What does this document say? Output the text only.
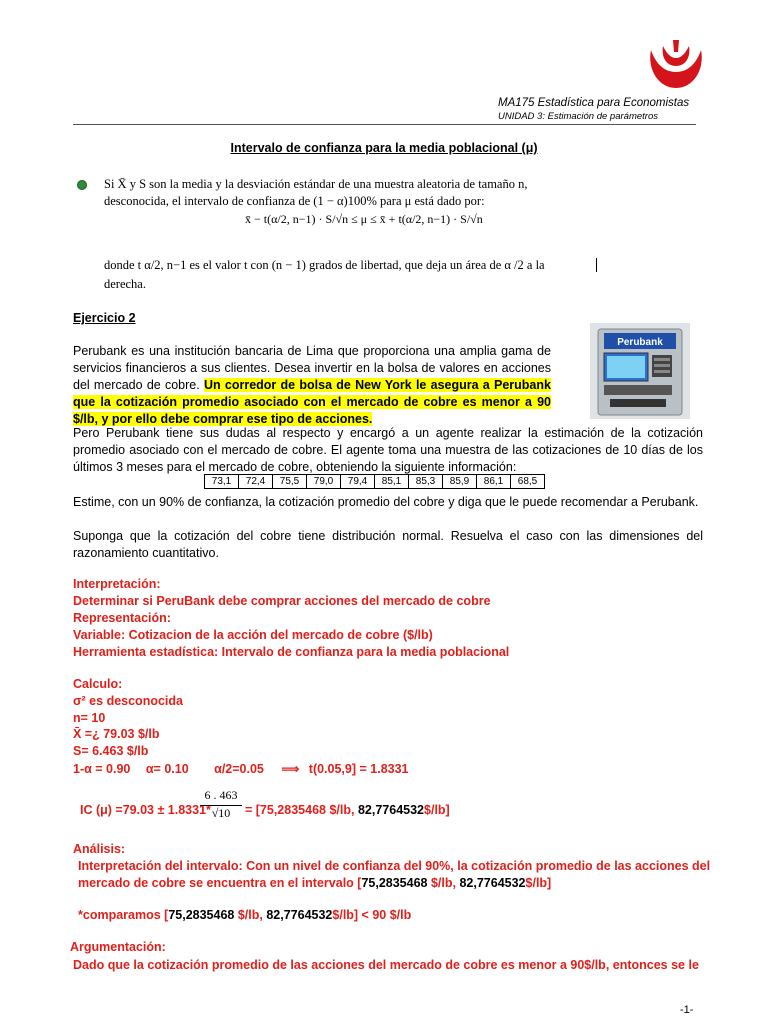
MA175 Estadística para Economistas
UNIDAD 3: Estimación de parámetros
Intervalo de confianza para la media poblacional (μ)
Si X̄ y S son la media y la desviación estándar de una muestra aleatoria de tamaño n,
desconocida, el intervalo de confianza de (1 − α)100% para μ está dado por:
x̄ − t(α/2, n−1) · S/√n ≤ μ ≤ x̄ + t(α/2, n−1) · S/√n
donde t α/2, n−1 es el valor t con (n − 1) grados de libertad, que deja un área de α /2 a la
derecha.
Ejercicio 2
Perubank es una institución bancaria de Lima que proporciona una amplia gama de servicios financieros a sus clientes. Desea invertir en la bolsa de valores en acciones del mercado de cobre. Un corredor de bolsa de New York le asegura a Perubank que la cotización promedio asociado con el mercado de cobre es menor a 90 $/lb, y por ello debe comprar ese tipo de acciones.
Perubank
Pero Perubank tiene sus dudas al respecto y encargó a un agente realizar la estimación de la cotización promedio asociado con el mercado de cobre. El agente toma una muestra de las cotizaciones de 10 días de los últimos 3 meses para el mercado de cobre, obteniendo la siguiente información:
73,1	72,4	75,5	79,0	79,4	85,1	85,3	85,9	86,1	68,5
Estime, con un 90% de confianza, la cotización promedio del cobre y diga que le puede recomendar a Perubank.
Suponga que la cotización del cobre tiene distribución normal. Resuelva el caso con las dimensiones del razonamiento cuantitativo.
Interpretación:
Determinar si PeruBank debe comprar acciones del mercado de cobre
Representación:
Variable: Cotizacion de la acción del mercado de cobre ($/lb)
Herramienta estadística: Intervalo de confianza para la media poblacional
Calculo:
σ² es desconocida
n= 10
X̄ =¿ 79.03 $/lb
S= 6.463 $/lb
1-α = 0.90 α= 0.10 α/2=0.05 ⟹ t(0.05,9] = 1.8331
IC (μ) =79.03 ± 1.8331*
$\frac{6 . 463}{√10} = [75,2835468$ $/lb, 82,7764532$/lb]
Análisis:
Interpretación del intervalo: Con un nivel de confianza del 90%, la cotización promedio de las acciones del
mercado de cobre se encuentra en el intervalo [75,2835468 $/lb, 82,7764532$/lb]
*comparamos [75,2835468 $/lb, 82,7764532$/lb] < 90 $/lb
Argumentación:
Dado que la cotización promedio de las acciones del mercado de cobre es menor a 90$/lb, entonces se le
-1-
